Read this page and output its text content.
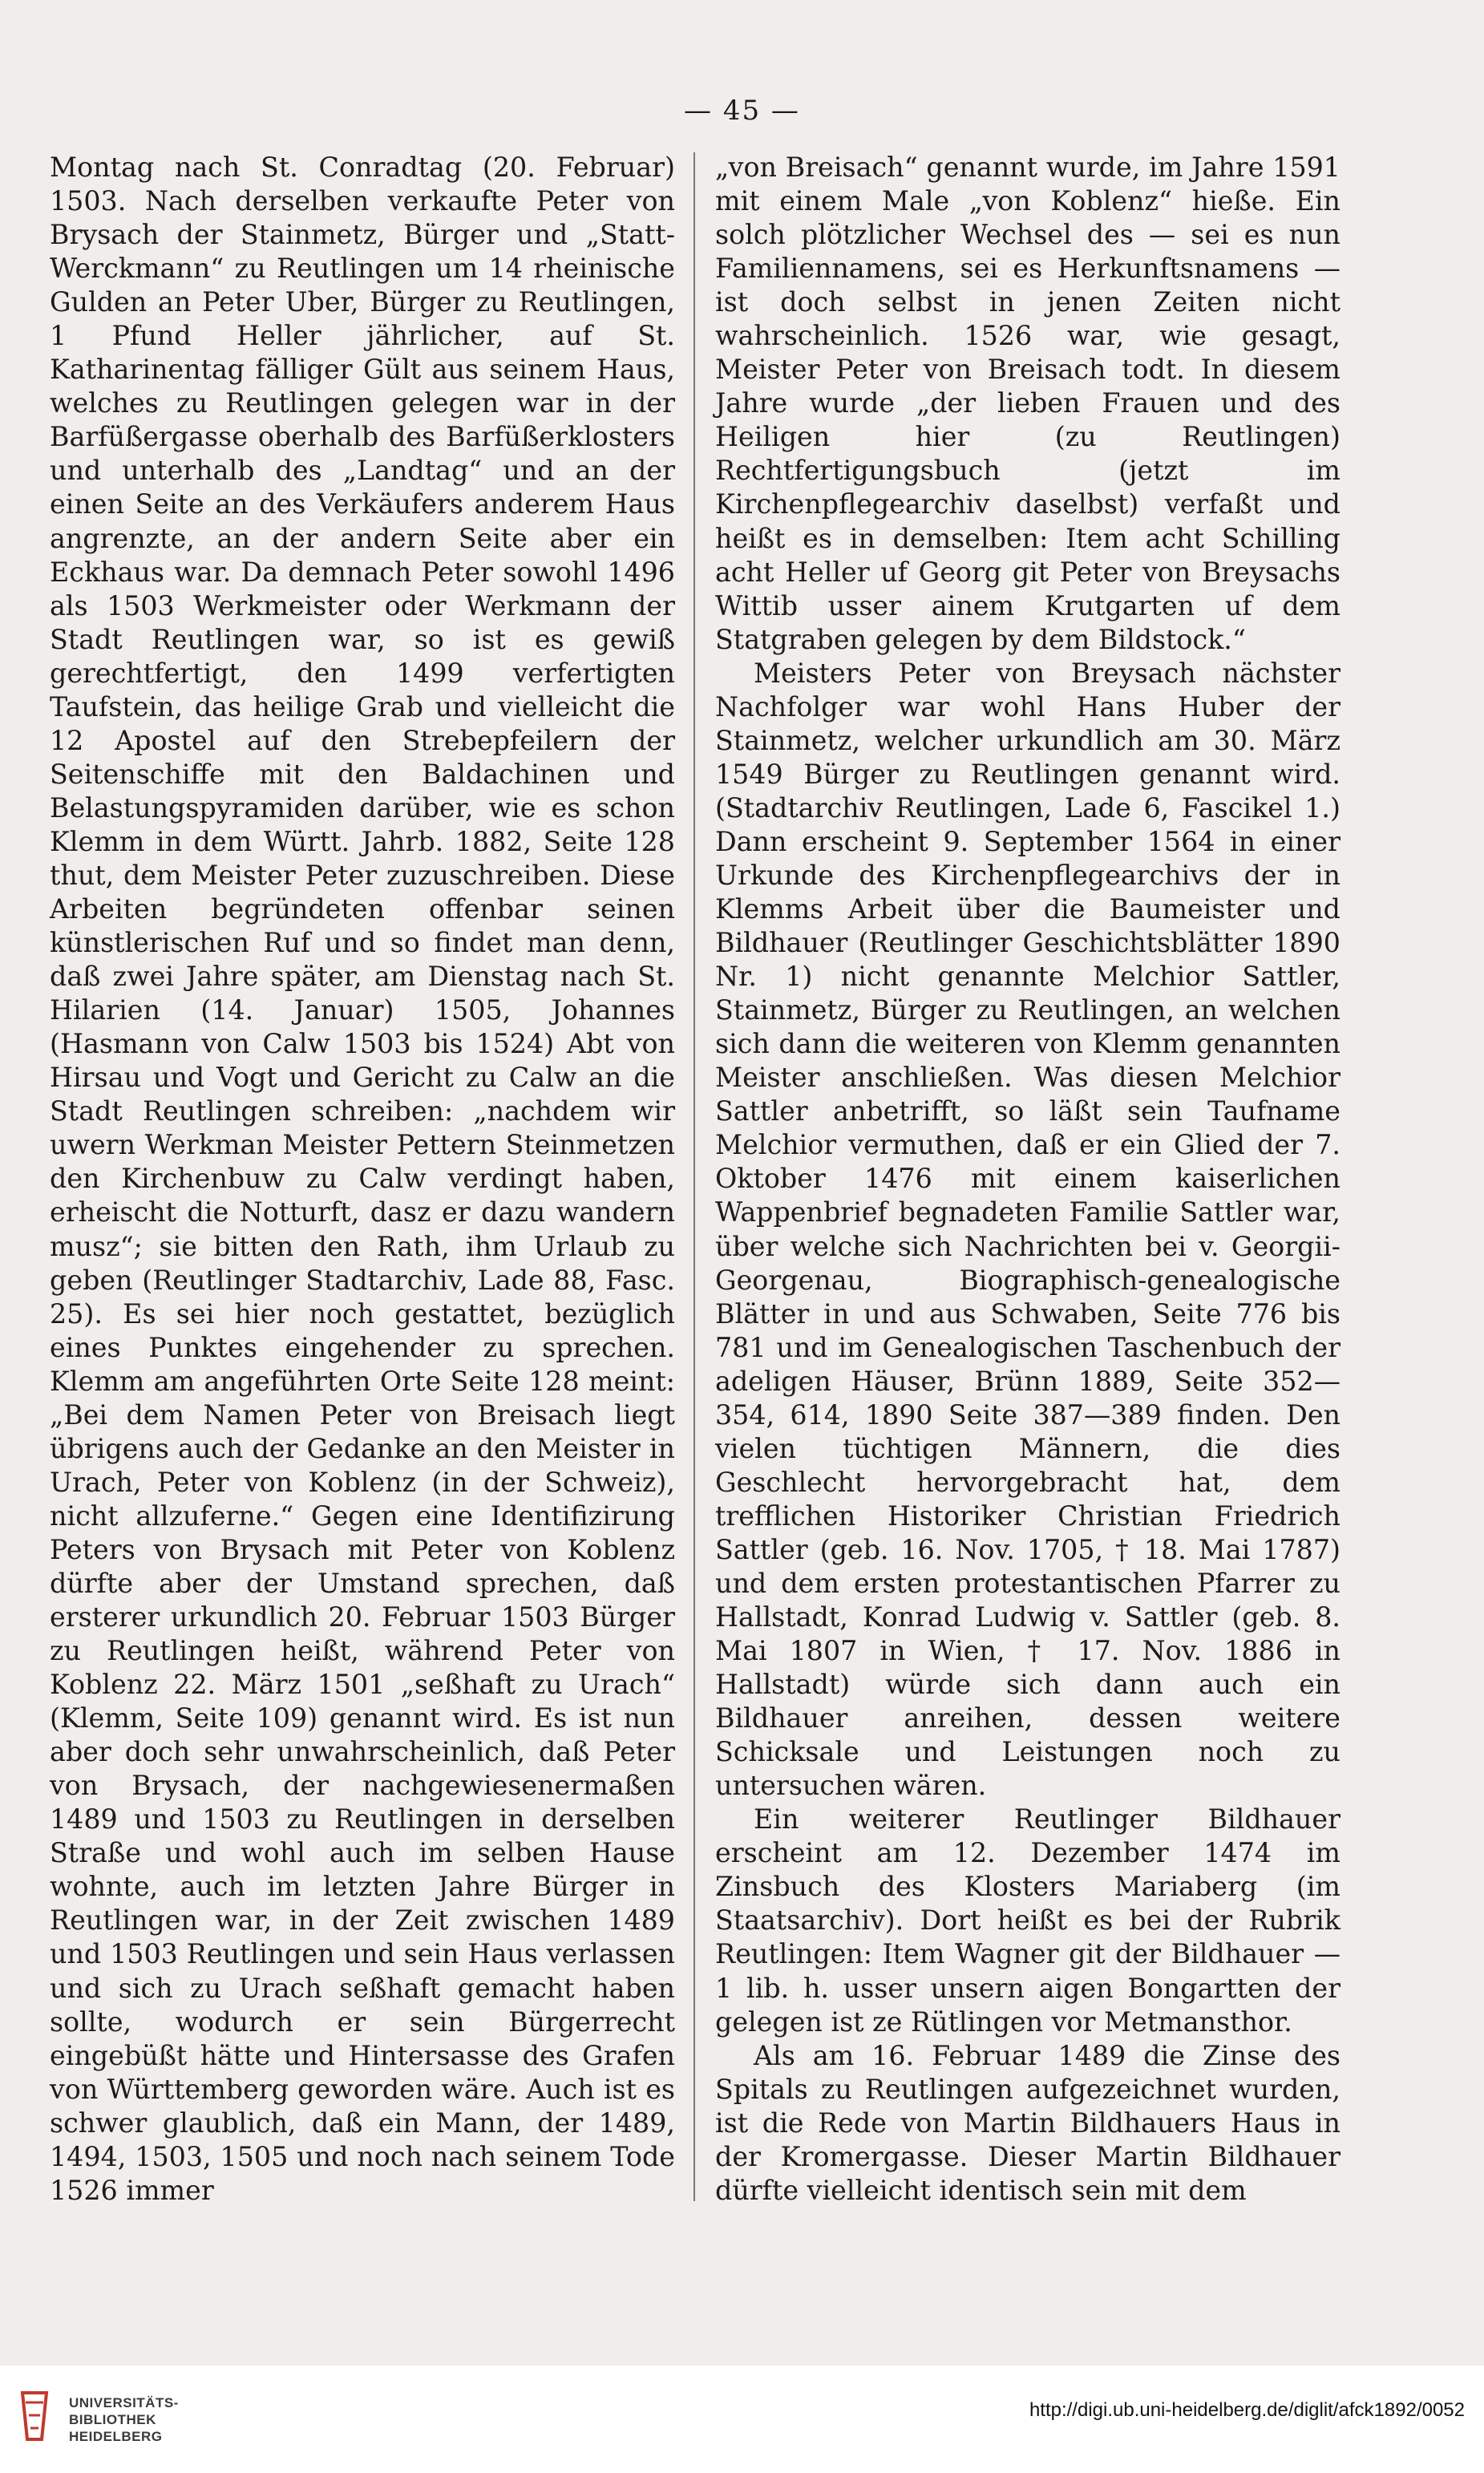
— 45 —

Montag nach St. Conradtag (20. Februar) 1503. Nach derselben verkaufte Peter von Brysach der Stainmetz, Bürger und „Statt-Werckmann“ zu Reutlingen um 14 rheinische Gulden an Peter Uber, Bürger zu Reutlingen, 1 Pfund Heller jährlicher, auf St. Katharinentag fälliger Gült aus seinem Haus, welches zu Reutlingen gelegen war in der Barfüßergasse oberhalb des Barfüßerklosters und unterhalb des „Landtag“ und an der einen Seite an des Verkäufers anderem Haus angrenzte, an der andern Seite aber ein Eckhaus war. Da demnach Peter sowohl 1496 als 1503 Werkmeister oder Werkmann der Stadt Reutlingen war, so ist es gewiß gerechtfertigt, den 1499 verfertigten Taufstein, das heilige Grab und vielleicht die 12 Apostel auf den Strebepfeilern der Seitenschiffe mit den Baldachinen und Belastungspyramiden darüber, wie es schon Klemm in dem Württ. Jahrb. 1882, Seite 128 thut, dem Meister Peter zuzuschreiben. Diese Arbeiten begründeten offenbar seinen künstlerischen Ruf und so findet man denn, daß zwei Jahre später, am Dienstag nach St. Hilarien (14. Januar) 1505, Johannes (Hasmann von Calw 1503 bis 1524) Abt von Hirsau und Vogt und Gericht zu Calw an die Stadt Reutlingen schreiben: „nachdem wir uwern Werkman Meister Pettern Steinmetzen den Kirchenbuw zu Calw verdingt haben, erheischt die Notturft, dasz er dazu wandern musz“; sie bitten den Rath, ihm Urlaub zu geben (Reutlinger Stadtarchiv, Lade 88, Fasc. 25). Es sei hier noch gestattet, bezüglich eines Punktes eingehender zu sprechen. Klemm am angeführten Orte Seite 128 meint: „Bei dem Namen Peter von Breisach liegt übrigens auch der Gedanke an den Meister in Urach, Peter von Koblenz (in der Schweiz), nicht allzuferne.“ Gegen eine Identifizirung Peters von Brysach mit Peter von Koblenz dürfte aber der Umstand sprechen, daß ersterer urkundlich 20. Februar 1503 Bürger zu Reutlingen heißt, während Peter von Koblenz 22. März 1501 „seßhaft zu Urach“ (Klemm, Seite 109) genannt wird. Es ist nun aber doch sehr unwahrscheinlich, daß Peter von Brysach, der nachgewiesenermaßen 1489 und 1503 zu Reutlingen in derselben Straße und wohl auch im selben Hause wohnte, auch im letzten Jahre Bürger in Reutlingen war, in der Zeit zwischen 1489 und 1503 Reutlingen und sein Haus verlassen und sich zu Urach seßhaft gemacht haben sollte, wodurch er sein Bürgerrecht eingebüßt hätte und Hintersasse des Grafen von Württemberg geworden wäre. Auch ist es schwer glaublich, daß ein Mann, der 1489, 1494, 1503, 1505 und noch nach seinem Tode 1526 immer

„von Breisach“ genannt wurde, im Jahre 1591 mit einem Male „von Koblenz“ hieße. Ein solch plötzlicher Wechsel des — sei es nun Familiennamens, sei es Herkunftsnamens — ist doch selbst in jenen Zeiten nicht wahrscheinlich. 1526 war, wie gesagt, Meister Peter von Breisach todt. In diesem Jahre wurde „der lieben Frauen und des Heiligen hier (zu Reutlingen) Rechtfertigungsbuch (jetzt im Kirchenpflegearchiv daselbst) verfaßt und heißt es in demselben: Item acht Schilling acht Heller uf Georg git Peter von Breysachs Wittib usser ainem Krutgarten uf dem Statgraben gelegen by dem Bildstock.“

Meisters Peter von Breysach nächster Nachfolger war wohl Hans Huber der Stainmetz, welcher urkundlich am 30. März 1549 Bürger zu Reutlingen genannt wird. (Stadtarchiv Reutlingen, Lade 6, Fascikel 1.) Dann erscheint 9. September 1564 in einer Urkunde des Kirchenpflegearchivs der in Klemms Arbeit über die Baumeister und Bildhauer (Reutlinger Geschichtsblätter 1890 Nr. 1) nicht genannte Melchior Sattler, Stainmetz, Bürger zu Reutlingen, an welchen sich dann die weiteren von Klemm genannten Meister anschließen. Was diesen Melchior Sattler anbetrifft, so läßt sein Taufname Melchior vermuthen, daß er ein Glied der 7. Oktober 1476 mit einem kaiserlichen Wappenbrief begnadeten Familie Sattler war, über welche sich Nachrichten bei v. Georgii-Georgenau, Biographisch-genealogische Blätter in und aus Schwaben, Seite 776 bis 781 und im Genealogischen Taschenbuch der adeligen Häuser, Brünn 1889, Seite 352—354, 614, 1890 Seite 387—389 finden. Den vielen tüchtigen Männern, die dies Geschlecht hervorgebracht hat, dem trefflichen Historiker Christian Friedrich Sattler (geb. 16. Nov. 1705, † 18. Mai 1787) und dem ersten protestantischen Pfarrer zu Hallstadt, Konrad Ludwig v. Sattler (geb. 8. Mai 1807 in Wien, † 17. Nov. 1886 in Hallstadt) würde sich dann auch ein Bildhauer anreihen, dessen weitere Schicksale und Leistungen noch zu untersuchen wären.

Ein weiterer Reutlinger Bildhauer erscheint am 12. Dezember 1474 im Zinsbuch des Klosters Mariaberg (im Staatsarchiv). Dort heißt es bei der Rubrik Reutlingen: Item Wagner git der Bildhauer — 1 lib. h. usser unsern aigen Bongartten der gelegen ist ze Rütlingen vor Metmansthor.

Als am 16. Februar 1489 die Zinse des Spitals zu Reutlingen aufgezeichnet wurden, ist die Rede von Martin Bildhauers Haus in der Kromergasse. Dieser Martin Bildhauer dürfte vielleicht identisch sein mit dem

UNIVERSITÄTS-
BIBLIOTHEK
HEIDELBERG
http://digi.ub.uni-heidelberg.de/diglit/afck1892/0052
